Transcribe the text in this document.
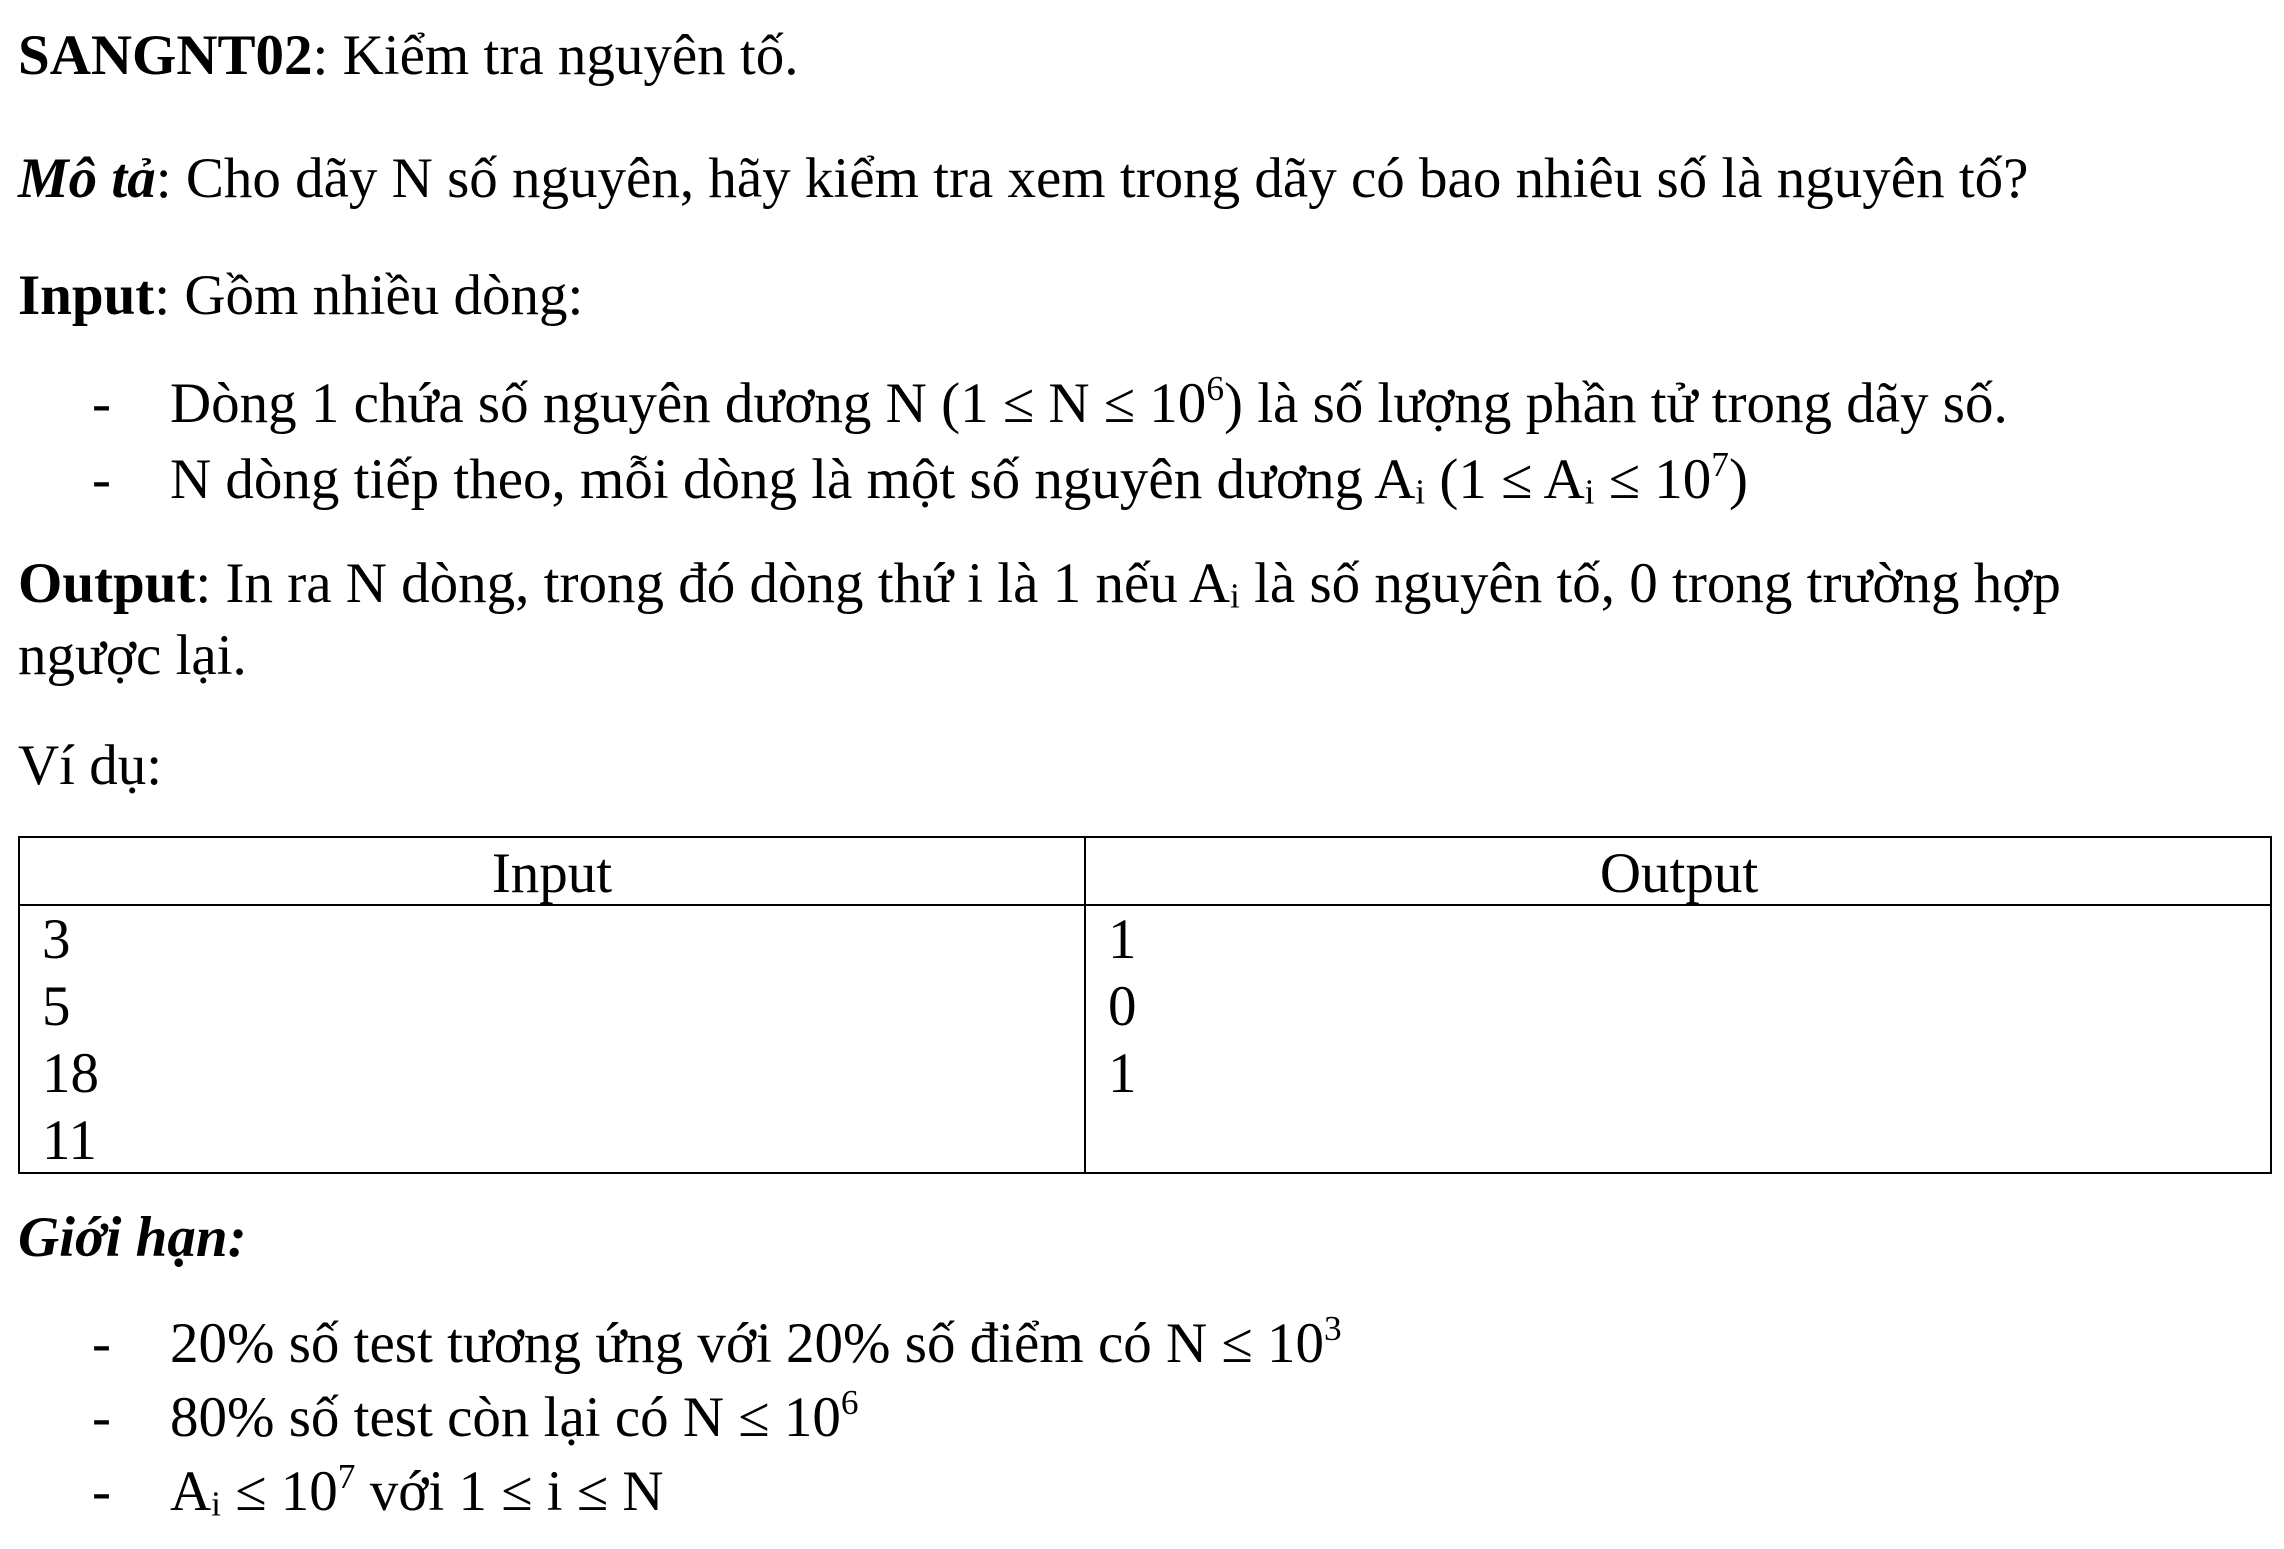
SANGNT02: Kiểm tra nguyên tố.
Mô tả: Cho dãy N số nguyên, hãy kiểm tra xem trong dãy có bao nhiêu số là nguyên tố?
Input: Gồm nhiều dòng:
- Dòng 1 chứa số nguyên dương N $(1 \le N \le 10^6)$ là số lượng phần tử trong dãy số.
- N dòng tiếp theo, mỗi dòng là một số nguyên dương $A_i$ $(1 \le A_i \le 10^7)$
Output: In ra N dòng, trong đó dòng thứ i là 1 nếu $A_i$ là số nguyên tố, 0 trong trường hợp
ngược lại.
Ví dụ:
Input	Output
3
5
18
11
1
0
1
Giới hạn:
- 20% số test tương ứng với 20% số điểm có $N \le 10^3$
- 80% số test còn lại có $N \le 10^6$
- $A_i \le 10^7$ với 1 ≤ i ≤ N
